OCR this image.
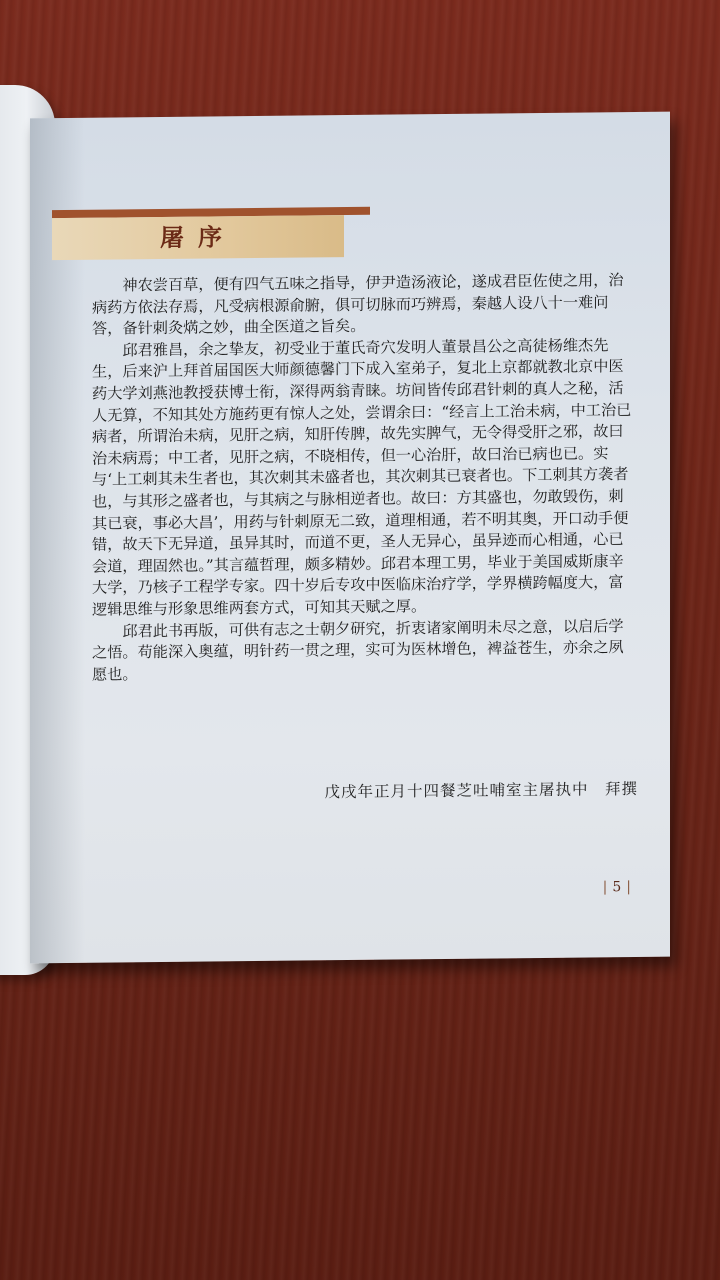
屠序

神农尝百草，便有四气五味之指导，伊尹造汤液论，遂成君臣佐使之用，治病药方依法存焉，凡受病根源俞腑，俱可切脉而巧辨焉，秦越人设八十一难问答，备针刺灸焫之妙，曲全医道之旨矣。

邱君雅昌，余之挚友，初受业于董氏奇穴发明人董景昌公之高徒杨维杰先生，后来沪上拜首届国医大师颜德馨门下成入室弟子，复北上京都就教北京中医药大学刘燕池教授获博士衔，深得两翁青睐。坊间皆传邱君针刺的真人之秘，活人无算，不知其处方施药更有惊人之处，尝谓余曰：“经言上工治未病，中工治已病者，所谓治未病，见肝之病，知肝传脾，故先实脾气，无令得受肝之邪，故曰治未病焉；中工者，见肝之病，不晓相传，但一心治肝，故曰治已病也已。实与‘上工刺其未生者也，其次刺其未盛者也，其次刺其已衰者也。下工刺其方袭者也，与其形之盛者也，与其病之与脉相逆者也。故曰：方其盛也，勿敢毁伤，刺其已衰，事必大昌’，用药与针刺原无二致，道理相通，若不明其奥，开口动手便错，故天下无异道，虽异其时，而道不更，圣人无异心，虽异迹而心相通，心已会道，理固然也。”其言蕴哲理，颇多精妙。邱君本理工男，毕业于美国威斯康辛大学，乃核子工程学专家。四十岁后专攻中医临床治疗学，学界横跨幅度大，富逻辑思维与形象思维两套方式，可知其天赋之厚。

邱君此书再版，可供有志之士朝夕研究，折衷诸家阐明未尽之意，以启后学之悟。苟能深入奥蕴，明针药一贯之理，实可为医林增色，裨益苍生，亦余之夙愿也。

戊戌年正月十四餐芝吐哺室主屠执中　拜撰
| 5 |
